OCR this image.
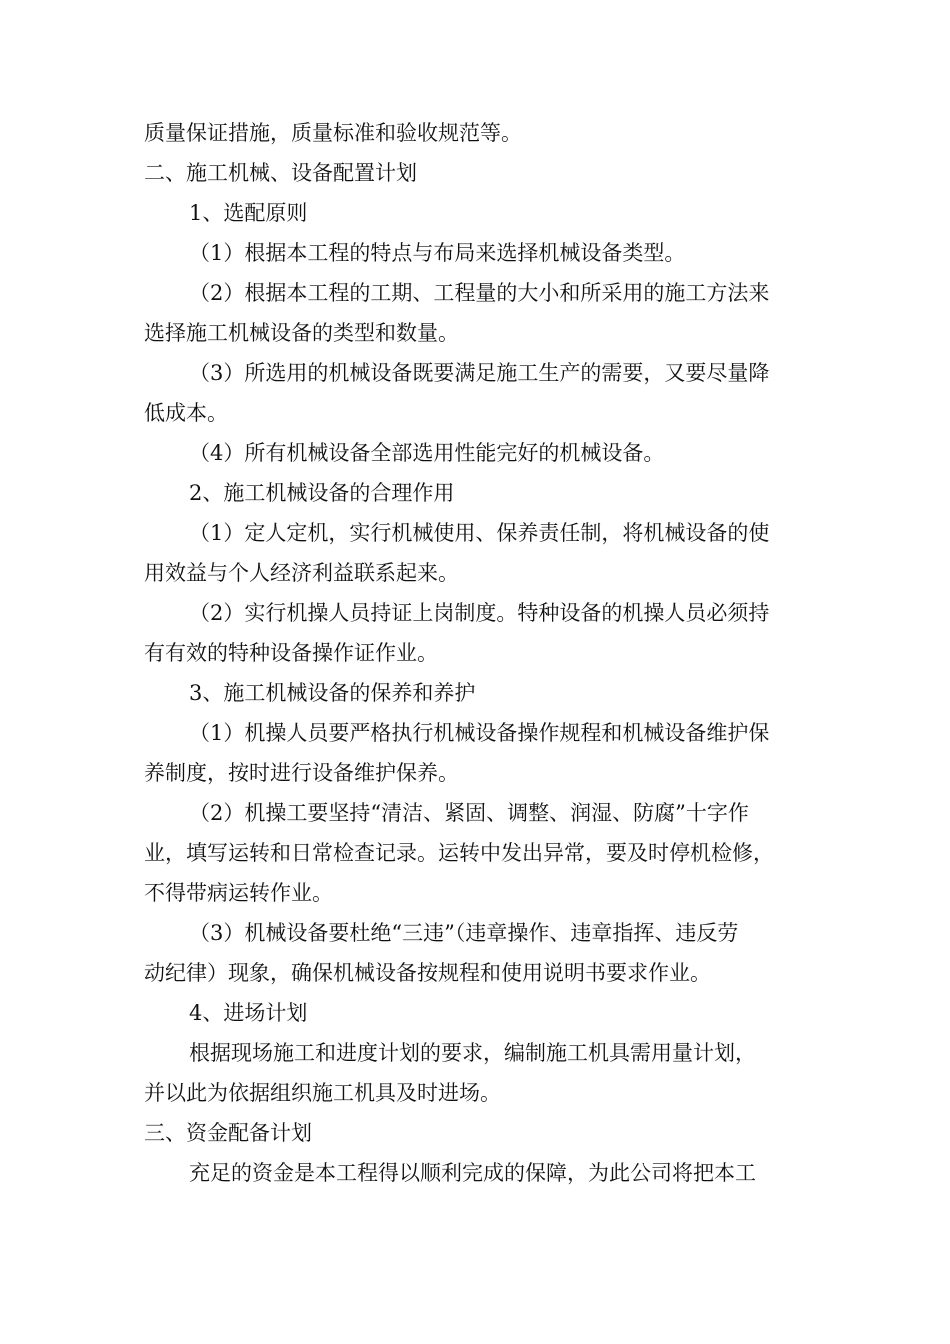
质量保证措施，质量标准和验收规范等。
二、施工机械、设备配置计划
1、选配原则
（1）根据本工程的特点与布局来选择机械设备类型。
（2）根据本工程的工期、工程量的大小和所采用的施工方法来
选择施工机械设备的类型和数量。
（3）所选用的机械设备既要满足施工生产的需要，又要尽量降
低成本。
（4）所有机械设备全部选用性能完好的机械设备。
2、施工机械设备的合理作用
（1）定人定机，实行机械使用、保养责任制，将机械设备的使
用效益与个人经济利益联系起来。
（2）实行机操人员持证上岗制度。特种设备的机操人员必须持
有有效的特种设备操作证作业。
3、施工机械设备的保养和养护
（1）机操人员要严格执行机械设备操作规程和机械设备维护保
养制度，按时进行设备维护保养。
（2）机操工要坚持“清洁、紧固、调整、润湿、防腐”十字作
业，填写运转和日常检查记录。运转中发出异常，要及时停机检修，
不得带病运转作业。
（3）机械设备要杜绝“三违”（违章操作、违章指挥、违反劳
动纪律）现象，确保机械设备按规程和使用说明书要求作业。
4、进场计划
根据现场施工和进度计划的要求，编制施工机具需用量计划，
并以此为依据组织施工机具及时进场。
三、资金配备计划
充足的资金是本工程得以顺利完成的保障，为此公司将把本工
